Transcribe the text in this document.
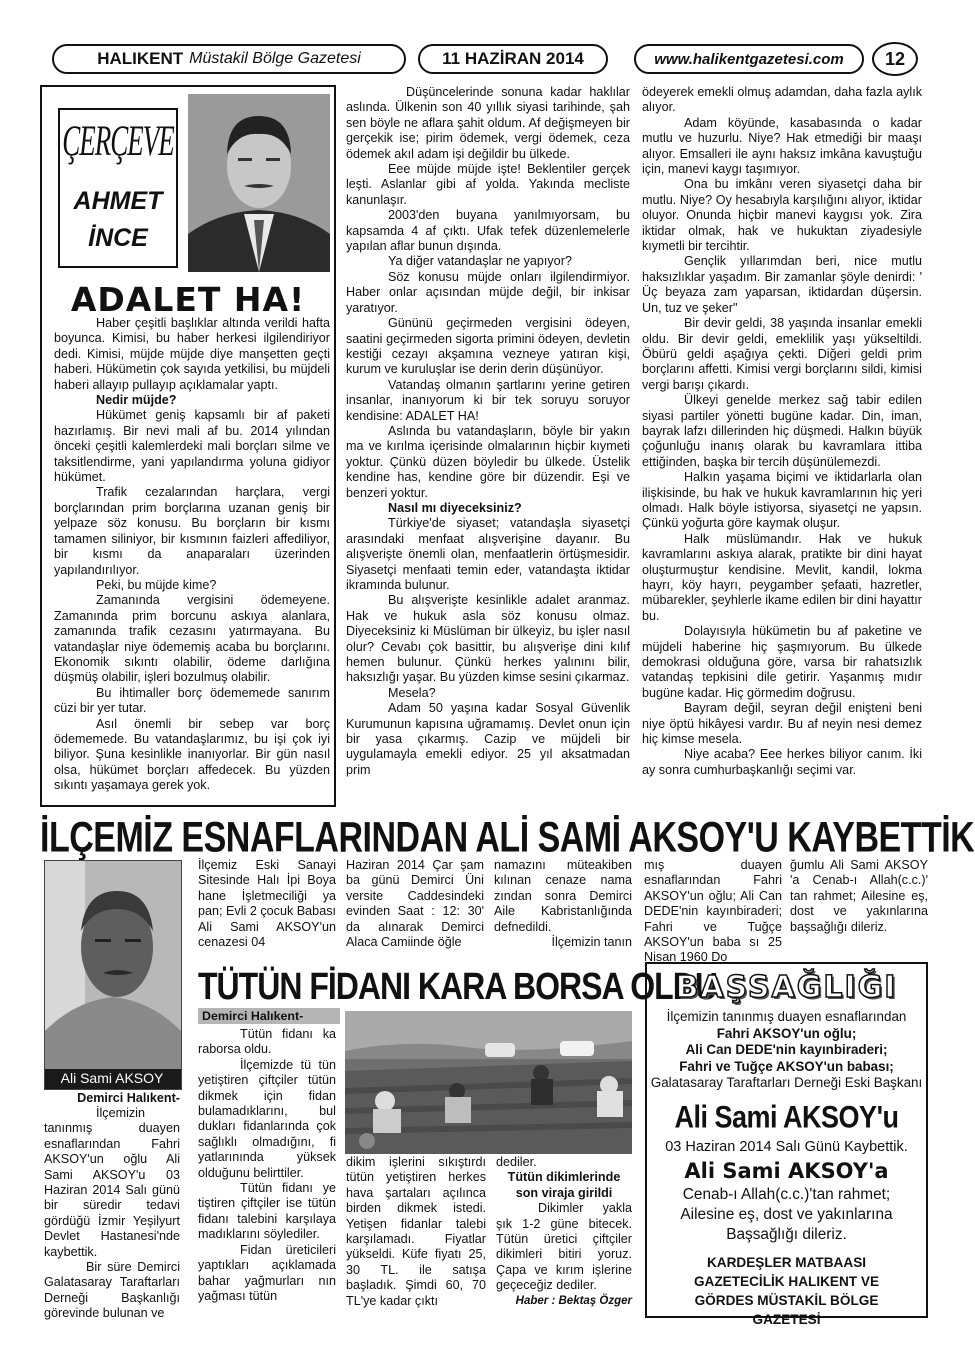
HALIKENT Müstakil Bölge Gazetesi	11 HAZİRAN 2014	www.halikentgazetesi.com 12
ÇERÇEVE
AHMET
İNCE
ADALET HA!

Haber çeşitli başlıklar altında verildi hafta boyunca. Kimisi, bu haber herkesi ilgilendiriyor dedi. Kimisi, müjde müjde diye manşetten geçti haberi. Hükümetin çok sayıda yetkilisi, bu müjdeli haberi allayıp pullayıp açıklamalar yaptı.

Nedir müjde?

Hükümet geniş kapsamlı bir af paketi hazırlamış. Bir nevi mali af bu. 2014 yılından önceki çeşitli kalemlerdeki mali borçları silme ve taksitlendirme, yani yapılandırma yoluna gidiyor hükümet.

Trafik cezalarından harçlara, vergi borçlarından prim borçlarına uzanan geniş bir yelpaze söz konusu. Bu borçların bir kısmı tamamen siliniyor, bir kısmının faizleri affediliyor, bir kısmı da anaparaları üzerinden yapılandırılıyor.

Peki, bu müjde kime?

Zamanında vergisini ödemeyene. Zamanında prim borcunu askıya alanlara, zamanında trafik cezasını yatırmayana. Bu vatandaşlar niye ödememiş acaba bu borçlarını. Ekonomik sıkıntı olabilir, ödeme darlığına düşmüş olabilir, işleri bozulmuş olabilir.

Bu ihtimaller borç ödememede sanırım cüzi bir yer tutar.

Asıl önemli bir sebep var borç ödememede. Bu vatandaşlarımız, bu işi çok iyi biliyor. Şuna kesinlikle inanıyorlar. Bir gün nasıl olsa, hükümet borçları affedecek. Bu yüzden sıkıntı yaşamaya gerek yok.

Düşüncelerinde sonuna kadar haklılar aslında. Ülkenin son 40 yıllık siyasi tarihinde, şah sen böyle ne aflara şahit oldum. Af değişmeyen bir gerçekik ise; pirim ödemek, vergi ödemek, ceza ödemek akıl adam işi değildir bu ülkede.

Eee müjde müjde işte! Beklentiler gerçek leşti. Aslanlar gibi af yolda. Yakında mecliste kanunlaşır.

2003'den buyana yanılmıyorsam, bu kapsamda 4 af çıktı. Ufak tefek düzenlemelerle yapılan aflar bunun dışında.

Ya diğer vatandaşlar ne yapıyor?

Söz konusu müjde onları ilgilendirmiyor. Haber onlar açısından müjde değil, bir inkisar yaratıyor.

Gününü geçirmeden vergisini ödeyen, saatini geçirmeden sigorta primini ödeyen, devletin kestiği cezayı akşamına vezneye yatıran kişi, kurum ve kuruluşlar ise derin derin düşünüyor.

Vatandaş olmanın şartlarını yerine getiren insanlar, inanıyorum ki bir tek soruyu soruyor kendisine: ADALET HA!

Aslında bu vatandaşların, böyle bir yakın ma ve kırılma içerisinde olmalarının hiçbir kıymeti yoktur. Çünkü düzen böyledir bu ülkede. Üstelik kendine has, kendine göre bir düzendir. Eşi ve benzeri yoktur.

Nasıl mı diyeceksiniz?

Türkiye'de siyaset; vatandaşla siyasetçi arasındaki menfaat alışverişine dayanır. Bu alışverişte önemli olan, menfaatlerin örtüşmesidir. Siyasetçi menfaati temin eder, vatandaşta iktidar ikramında bulunur.

Bu alışverişte kesinlikle adalet aranmaz. Hak ve hukuk asla söz konusu olmaz. Diyeceksiniz ki Müslüman bir ülkeyiz, bu işler nasıl olur? Cevabı çok basittir, bu alışverişe dini kılıf hemen bulunur. Çünkü herkes yalınını bilir, haksızlığı yaşar. Bu yüzden kimse sesini çıkarmaz.

Mesela?

Adam 50 yaşına kadar Sosyal Güvenlik Kurumunun kapısına uğramamış. Devlet onun için bir yasa çıkarmış. Cazip ve müjdeli bir uygulamayla emekli ediyor. 25 yıl aksatmadan prim

ödeyerek emekli olmuş adamdan, daha fazla aylık alıyor.

Adam köyünde, kasabasında o kadar mutlu ve huzurlu. Niye? Hak etmediği bir maaşı alıyor. Emsalleri ile aynı haksız imkâna kavuştuğu için, manevi kaygı taşımıyor.

Ona bu imkânı veren siyasetçi daha bir mutlu. Niye? Oy hesabıyla karşılığını alıyor, iktidar oluyor. Onunda hiçbir manevi kaygısı yok. Zira iktidar olmak, hak ve hukuktan ziyadesiyle kıymetli bir tercihtir.

Gençlik yıllarımdan beri, nice mutlu haksızlıklar yaşadım. Bir zamanlar şöyle denirdi: ' Üç beyaza zam yaparsan, iktidardan düşersin. Un, tuz ve şeker"

Bir devir geldi, 38 yaşında insanlar emekli oldu. Bir devir geldi, emeklilik yaşı yükseltildi. Öbürü geldi aşağıya çekti. Diğeri geldi prim borçlarını affetti. Kimisi vergi borçlarını sildi, kimisi vergi barışı çıkardı.

Ülkeyi genelde merkez sağ tabir edilen siyasi partiler yönetti bugüne kadar. Din, iman, bayrak lafzı dillerinden hiç düşmedi. Halkın büyük çoğunluğu inanış olarak bu kavramlara ittiba ettiğinden, başka bir tercih düşünülemezdi.

Halkın yaşama biçimi ve iktidarlarla olan ilişkisinde, bu hak ve hukuk kavramlarının hiç yeri olmadı. Halk böyle istiyorsa, siyasetçi ne yapsın. Çünkü yoğurta göre kaymak oluşur.

Halk müslümandır. Hak ve hukuk kavramlarını askıya alarak, pratikte bir dini hayat oluşturmuştur kendisine. Mevlit, kandil, lokma hayrı, köy hayrı, peygamber şefaati, hazretler, mübarekler, şeyhlerle ikame edilen bir dini hayattır bu.

Dolayısıyla hükümetin bu af paketine ve müjdeli haberine hiç şaşmıyorum. Bu ülkede demokrasi olduğuna göre, varsa bir rahatsızlık vatandaş tepkisini dile getirir. Yaşanmış mıdır bugüne kadar. Hiç görmedim doğrusu.

Bayram değil, seyran değil enişteni beni niye öptü hikâyesi vardır. Bu af neyin nesi demez hiç kimse mesela.

Niye acaba? Eee herkes biliyor canım. İki ay sonra cumhurbaşkanlığı seçimi var.

İLÇEMİZ ESNAFLARINDAN ALİ SAMİ AKSOY'U KAYBETTİK
Ali Sami AKSOY
Demirci Halıkent-

İlçemizin tanınmış duayen esnaflarından Fahri AKSOY'un oğlu Ali Sami AKSOY'u 03 Haziran 2014 Salı günü bir süredir tedavi gördüğü İzmir Yeşilyurt Devlet Hastanesi'nde kaybettik.

Bir süre Demirci Galatasaray Taraftarları Derneği Başkanlığı görevinde bulunan ve

İlçemiz Eski Sanayi Sitesinde Halı İpi Boya hane İşletmeciliği ya pan; Evli 2 çocuk Babası Ali Sami AKSOY'un cenazesi 04
Haziran 2014 Çar şam ba günü Demirci Üni versite Caddesindeki evinden Saat : 12: 30' da alınarak Demirci Alaca Camiinde öğle
namazını müteakiben kılınan cenaze nama zından sonra Demirci Aile Kabristanlığında defnedildi.
İlçemizin tanın
mış duayen esnaflarından Fahri AKSOY'un oğlu; Ali Can DEDE'nin kayınbiraderi; Fahri ve Tuğçe AKSOY'un baba sı 25 Nisan 1960 Do
ğumlu Ali Sami AKSOY 'a Cenab-ı Allah(c.c.)' tan rahmet; Ailesine eş, dost ve yakınlarına başsağlığı dileriz.
TÜTÜN FİDANI KARA BORSA OLDU
Demirci Halıkent-

Tütün fidanı ka raborsa oldu.

İlçemizde tü tün yetiştiren çiftçiler tütün dikmek için fidan bulamadıklarını, bul dukları fidanlarında çok sağlıklı olmadığını, fi yatlarınında yüksek olduğunu belirttiler.

Tütün fidanı ye tiştiren çiftçiler ise tütün fidanı talebini karşılaya madıklarını söylediler.

Fidan üreticileri yaptıkları açıklamada bahar yağmurları nın yağması tütün

dikim işlerini sıkıştırdı tütün yetiştiren herkes hava şartaları açılınca birden dikmek istedi. Yetişen fidanlar talebi karşılamadı. Fiyatlar yükseldi. Küfe fiyatı 25, 30 TL. ile satışa başladık. Şimdi 60, 70 TL'ye kadar çıktı
dediler.
Tütün dikimlerinde son viraja girildi
Dikimler yakla şık 1-2 güne bitecek. Tütün üretici çiftçiler dikimleri bitiri yoruz. Çapa ve kırım işlerine geçeceğiz dediler.
Haber : Bektaş Özger
BAŞSAĞLIĞI
İlçemizin tanınmış duayen esnaflarından
Fahri AKSOY'un oğlu;
Ali Can DEDE'nin kayınbiraderi;
Fahri ve Tuğçe AKSOY'un babası;
Galatasaray Taraftarları Derneği Eski Başkanı
Ali Sami AKSOY'u
03 Haziran 2014 Salı Günü Kaybettik.
Ali Sami AKSOY'a
Cenab-ı Allah(c.c.)'tan rahmet; Ailesine eş, dost ve yakınlarına Başsağlığı dileriz.
KARDEŞLER MATBAASI GAZETECİLİK HALIKENT VE GÖRDES MÜSTAKİL BÖLGE GAZETESİ
